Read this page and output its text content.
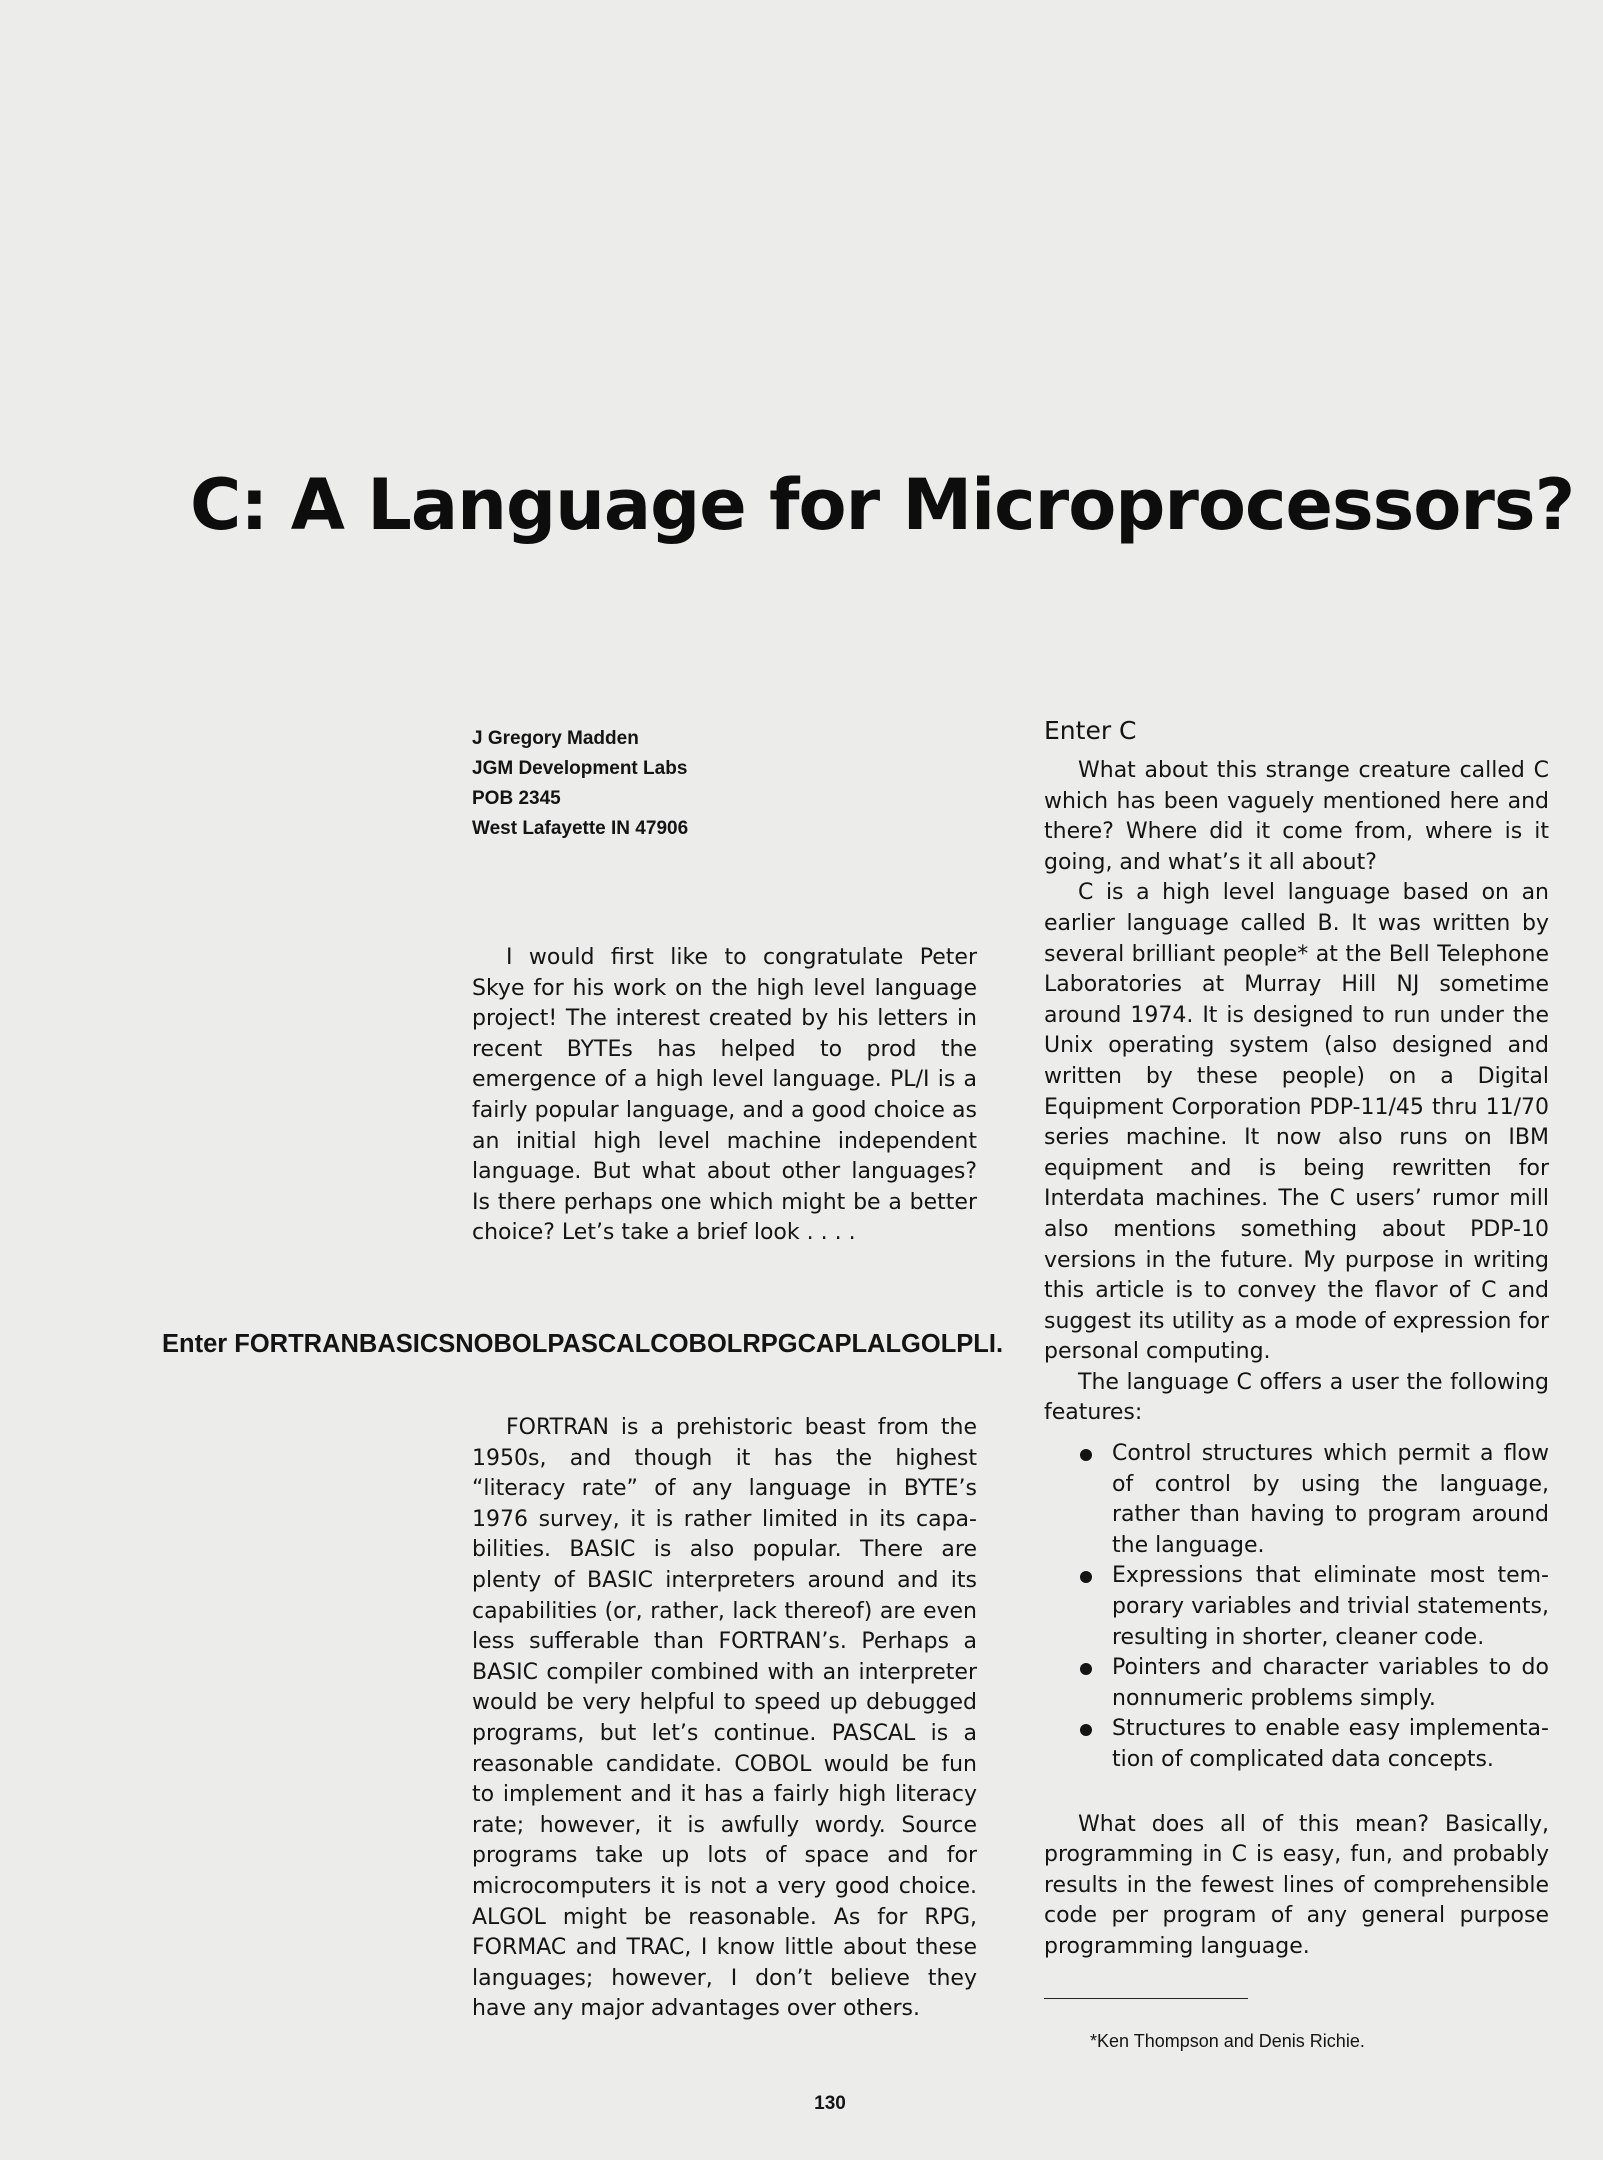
C: A Language for Microprocessors?
J Gregory Madden
JGM Development Labs
POB 2345
West Lafayette IN 47906

I would first like to congratulate Peter Skye for his work on the high level language project! The interest created by his letters in recent BYTEs has helped to prod the emergence of a high level language. PL/I is a fairly popular language, and a good choice as an initial high level machine independent language. But what about other languages? Is there perhaps one which might be a better choice? Let’s take a brief look . . . .

Enter FORTRANBASICSNOBOLPASCALCOBOLRPGCAPLALGOLPLI.

FORTRAN is a prehistoric beast from the 1950s, and though it has the highest “literacy rate” of any language in BYTE’s 1976 survey, it is rather limited in its capabilities. BASIC is also popular. There are plenty of BASIC interpreters around and its capabilities (or, rather, lack thereof) are even less sufferable than FORTRAN’s. Perhaps a BASIC compiler combined with an interpreter would be very helpful to speed up debugged programs, but let’s continue. PASCAL is a reasonable candidate. COBOL would be fun to implement and it has a fairly high literacy rate; however, it is awfully wordy. Source programs take up lots of space and for microcomputers it is not a very good choice. ALGOL might be reasonable. As for RPG, FORMAC and TRAC, I know little about these languages; however, I don’t believe they have any major advantages over others.

Enter C

What about this strange creature called C which has been vaguely mentioned here and there? Where did it come from, where is it going, and what’s it all about?

C is a high level language based on an earlier language called B. It was written by several brilliant people* at the Bell Telephone Laboratories at Murray Hill NJ sometime around 1974. It is designed to run under the Unix operating system (also designed and written by these people) on a Digital Equipment Corporation PDP-11/45 thru 11/70 series machine. It now also runs on IBM equipment and is being rewritten for Interdata machines. The C users’ rumor mill also mentions something about PDP-10 versions in the future. My purpose in writing this article is to convey the flavor of C and suggest its utility as a mode of expression for personal computing.

The language C offers a user the following features:

Control structures which permit a flow of control by using the language, rather than having to program around the language.
Expressions that eliminate most temporary variables and trivial statements, resulting in shorter, cleaner code.
Pointers and character variables to do nonnumeric problems simply.
Structures to enable easy implementation of complicated data concepts.

What does all of this mean? Basically, programming in C is easy, fun, and probably results in the fewest lines of comprehensible code per program of any general purpose programming language.

*Ken Thompson and Denis Richie.
130
